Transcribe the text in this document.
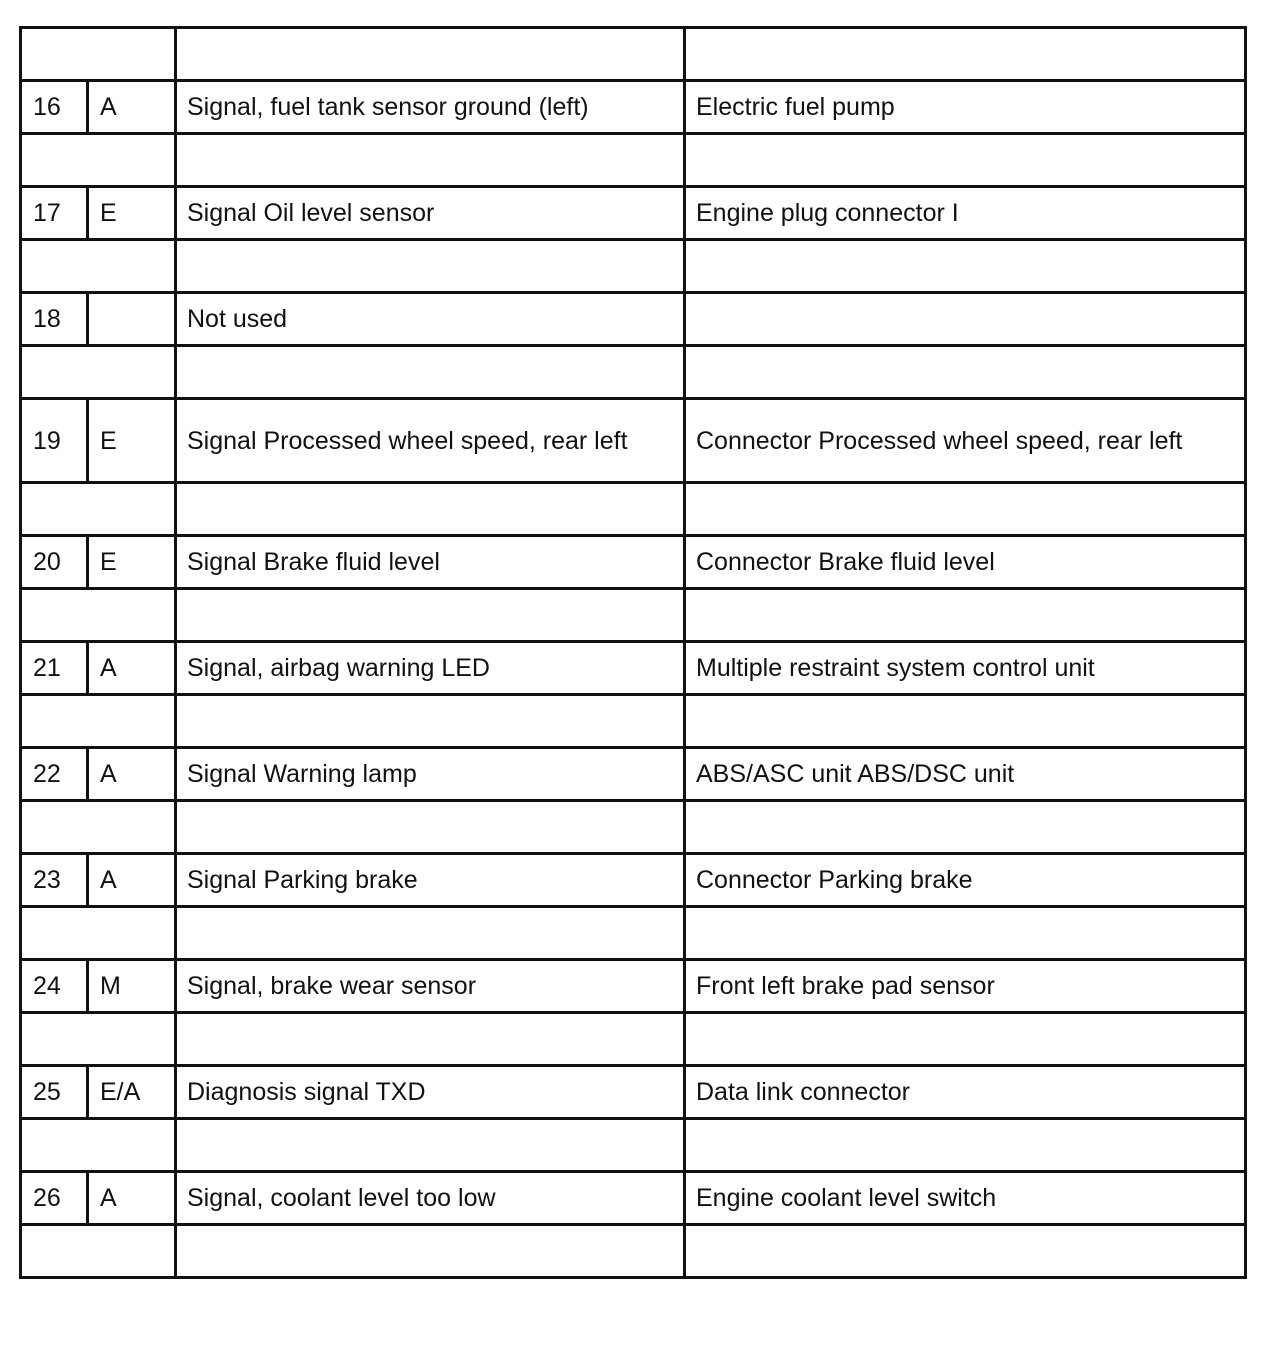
16	A	Signal, fuel tank sensor ground (left)	Electric fuel pump

17	E	Signal Oil level sensor	Engine plug connector I

18		Not used	

19	E	Signal Processed wheel speed, rear left	Connector Processed wheel speed, rear left

20	E	Signal Brake fluid level	Connector Brake fluid level

21	A	Signal, airbag warning LED	Multiple restraint system control unit

22	A	Signal Warning lamp	ABS/ASC unit ABS/DSC unit

23	A	Signal Parking brake	Connector Parking brake

24	M	Signal, brake wear sensor	Front left brake pad sensor

25	E/A	Diagnosis signal TXD	Data link connector

26	A	Signal, coolant level too low	Engine coolant level switch
